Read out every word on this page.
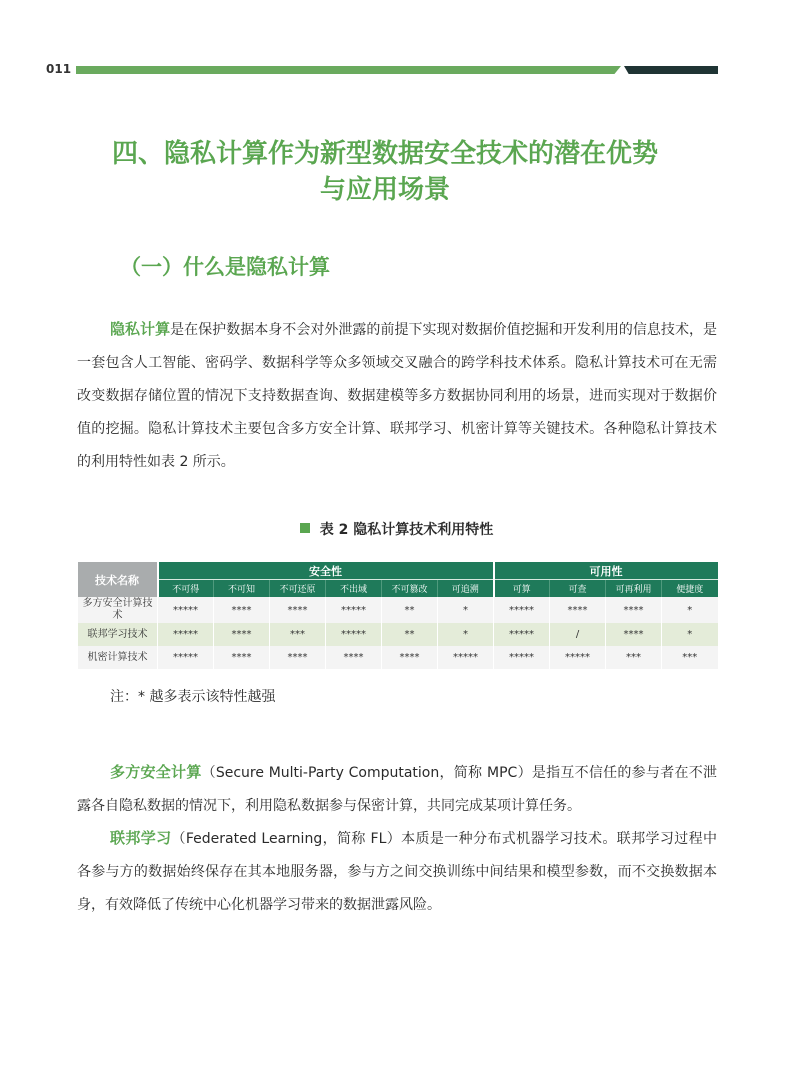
011
四、隐私计算作为新型数据安全技术的潜在优势
与应用场景
（一）什么是隐私计算
隐私计算是在保护数据本身不会对外泄露的前提下实现对数据价值挖掘和开发利用的信息技术，是一套包含人工智能、密码学、数据科学等众多领域交叉融合的跨学科技术体系。隐私计算技术可在无需改变数据存储位置的情况下支持数据查询、数据建模等多方数据协同利用的场景，进而实现对于数据价值的挖掘。隐私计算技术主要包含多方安全计算、联邦学习、机密计算等关键技术。各种隐私计算技术的利用特性如表 2 所示。
表 2 隐私计算技术利用特性
技术名称	安全性						可用性			
	不可得	不可知	不可还原	不出域	不可篡改	可追溯	可算	可查	可再利用	便捷度
多方安全计算技术	*****	****	****	*****	**	*	*****	****	****	*
联邦学习技术	*****	****	***	*****	**	*	*****	/	****	*
机密计算技术	*****	****	****	****	****	*****	*****	*****	***	***
注：* 越多表示该特性越强
多方安全计算（Secure Multi-Party Computation，简称 MPC）是指互不信任的参与者在不泄露各自隐私数据的情况下，利用隐私数据参与保密计算，共同完成某项计算任务。
联邦学习（Federated Learning，简称 FL）本质是一种分布式机器学习技术。联邦学习过程中各参与方的数据始终保存在其本地服务器，参与方之间交换训练中间结果和模型参数，而不交换数据本身，有效降低了传统中心化机器学习带来的数据泄露风险。
